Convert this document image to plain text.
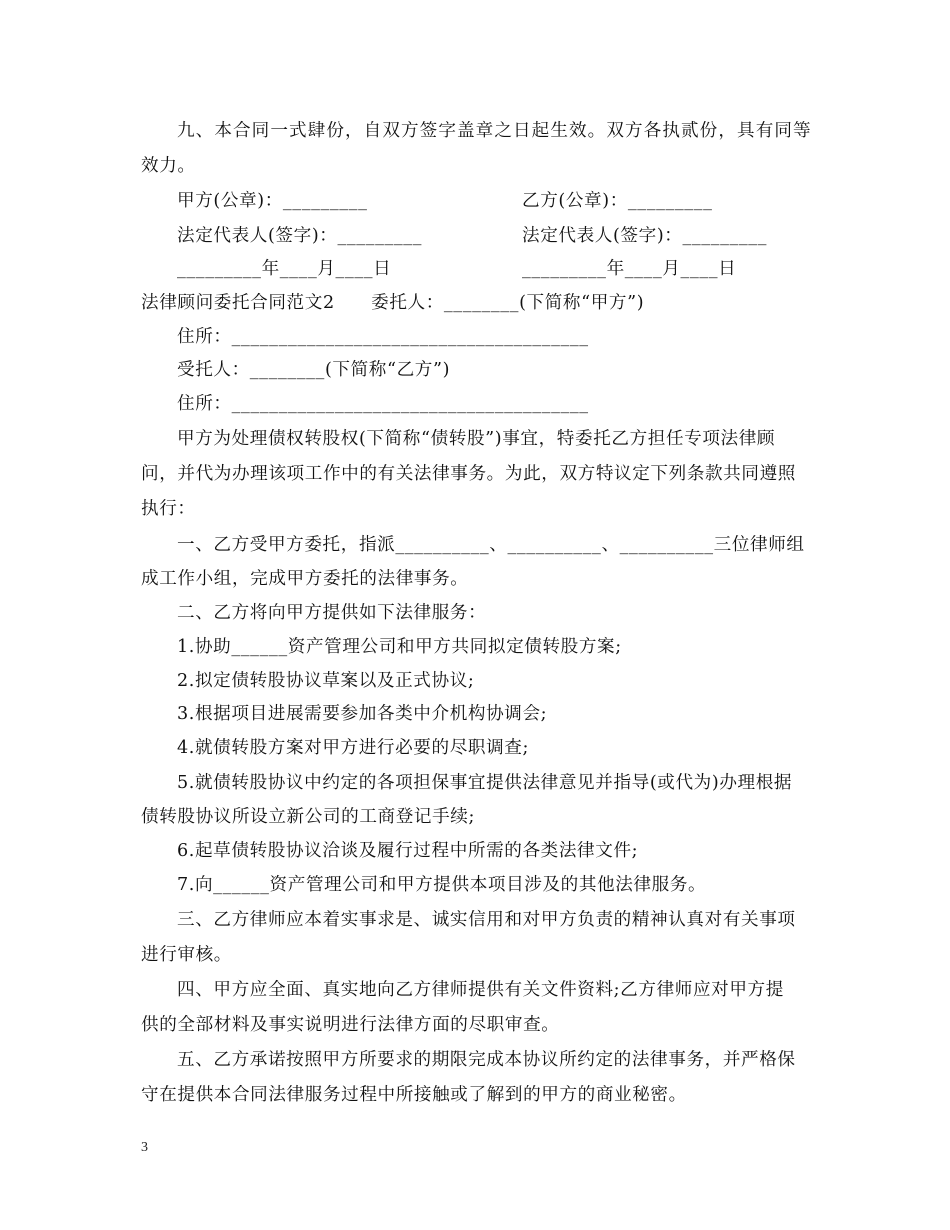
九、本合同一式肆份，自双方签字盖章之日起生效。双方各执贰份，具有同等
效力。
甲方(公章)：_________	乙方(公章)：_________
法定代表人(签字)：_________	法定代表人(签字)：_________
_________年____月____日	_________年____月____日
法律顾问委托合同范文2　　委托人：________(下简称“甲方”)
住所：______________________________________
受托人：________(下简称“乙方”)
住所：______________________________________
甲方为处理债权转股权(下简称“债转股”)事宜，特委托乙方担任专项法律顾
问，并代为办理该项工作中的有关法律事务。为此，双方特议定下列条款共同遵照
执行：
一、乙方受甲方委托，指派__________、__________、__________三位律师组
成工作小组，完成甲方委托的法律事务。
二、乙方将向甲方提供如下法律服务：
1.协助______资产管理公司和甲方共同拟定债转股方案;
2.拟定债转股协议草案以及正式协议;
3.根据项目进展需要参加各类中介机构协调会;
4.就债转股方案对甲方进行必要的尽职调查;
5.就债转股协议中约定的各项担保事宜提供法律意见并指导(或代为)办理根据
债转股协议所设立新公司的工商登记手续;
6.起草债转股协议洽谈及履行过程中所需的各类法律文件;
7.向______资产管理公司和甲方提供本项目涉及的其他法律服务。
三、乙方律师应本着实事求是、诚实信用和对甲方负责的精神认真对有关事项
进行审核。
四、甲方应全面、真实地向乙方律师提供有关文件资料;乙方律师应对甲方提
供的全部材料及事实说明进行法律方面的尽职审查。
五、乙方承诺按照甲方所要求的期限完成本协议所约定的法律事务，并严格保
守在提供本合同法律服务过程中所接触或了解到的甲方的商业秘密。
3
